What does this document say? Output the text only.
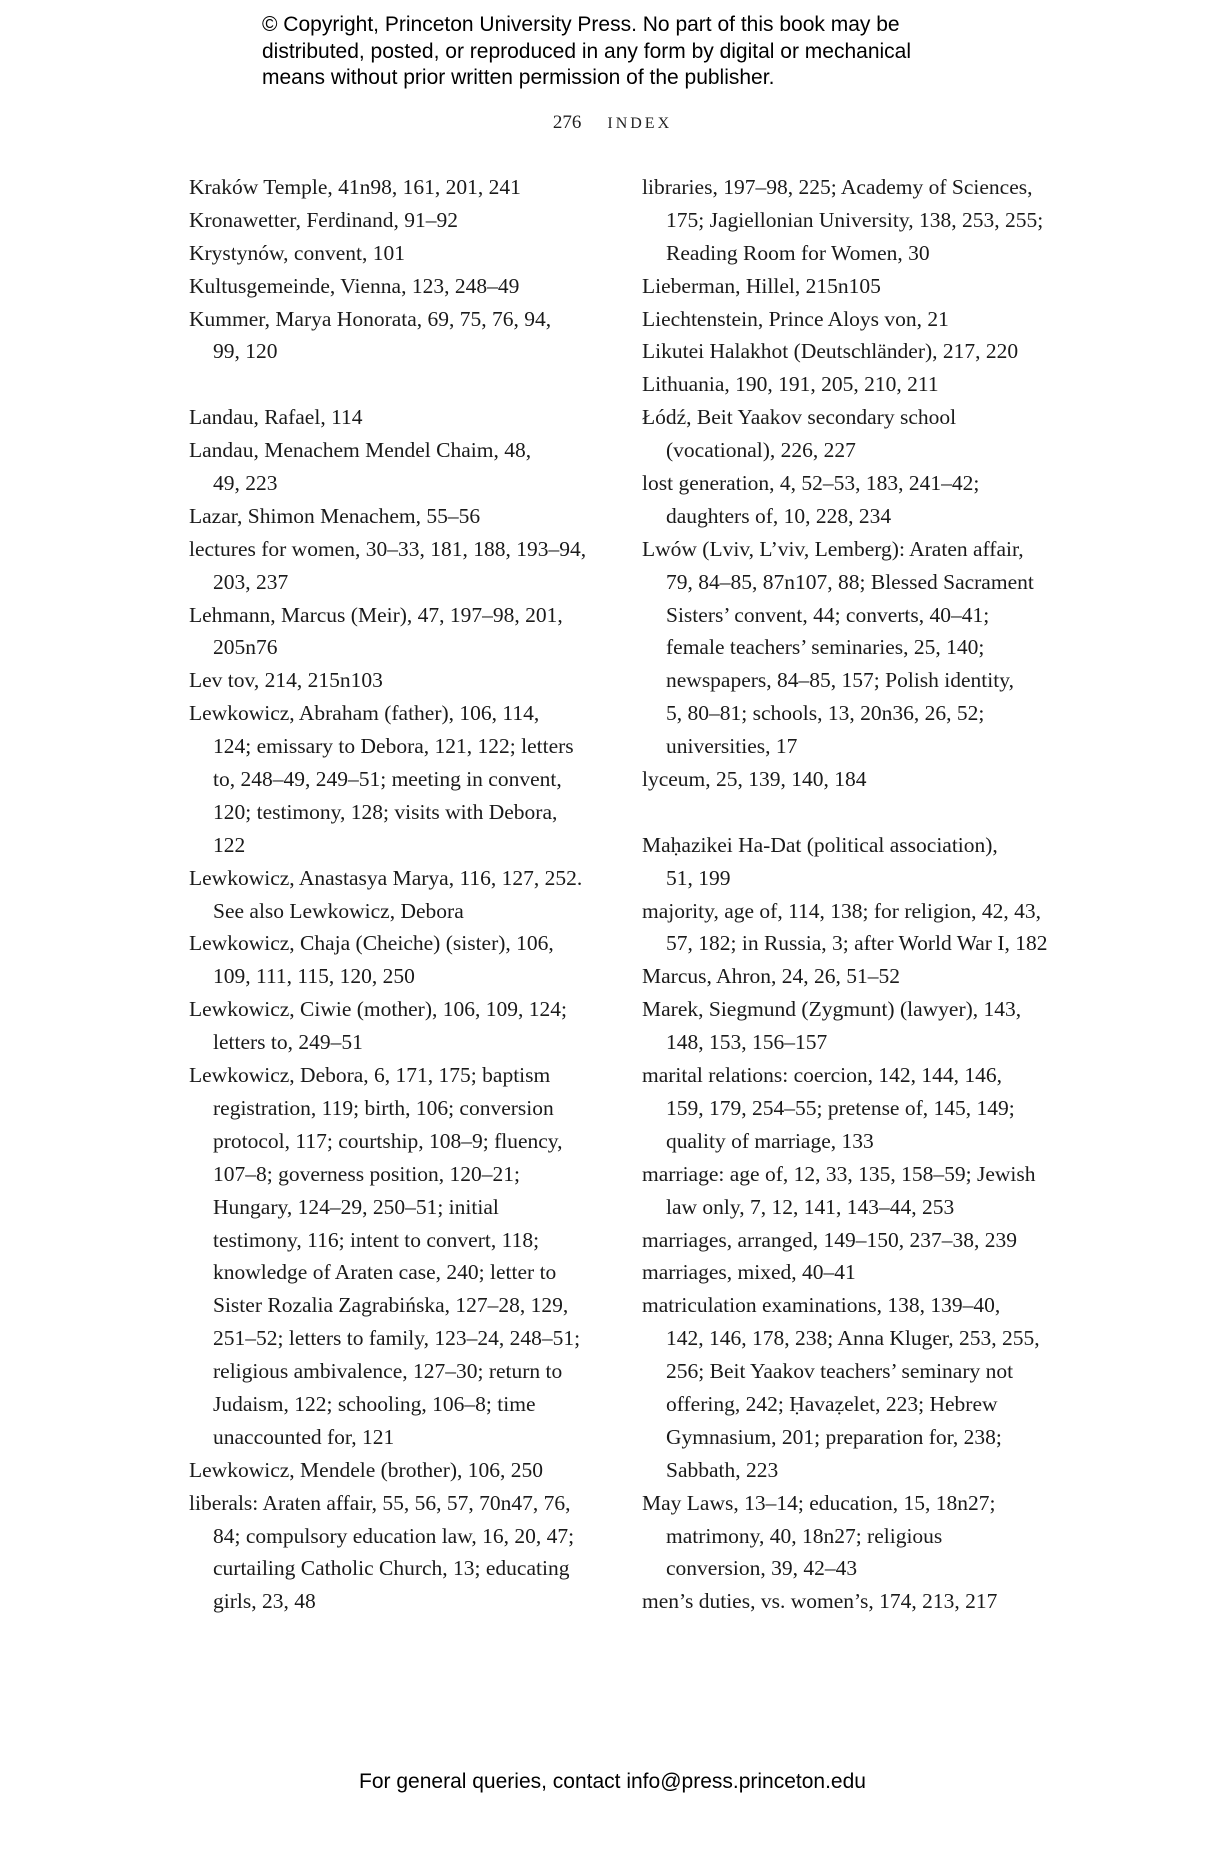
© Copyright, Princeton University Press. No part of this book may be
distributed, posted, or reproduced in any form by digital or mechanical
means without prior written permission of the publisher.
276 INDEX
Kraków Temple, 41n98, 161, 201, 241
Kronawetter, Ferdinand, 91–92
Krystynów, convent, 101
Kultusgemeinde, Vienna, 123, 248–49
Kummer, Marya Honorata, 69, 75, 76, 94,
99, 120
Landau, Rafael, 114
Landau, Menachem Mendel Chaim, 48,
49, 223
Lazar, Shimon Menachem, 55–56
lectures for women, 30–33, 181, 188, 193–94,
203, 237
Lehmann, Marcus (Meir), 47, 197–98, 201,
205n76
Lev tov, 214, 215n103
Lewkowicz, Abraham (father), 106, 114,
124; emissary to Debora, 121, 122; letters
to, 248–49, 249–51; meeting in convent,
120; testimony, 128; visits with Debora,
122
Lewkowicz, Anastasya Marya, 116, 127, 252.
See also Lewkowicz, Debora
Lewkowicz, Chaja (Cheiche) (sister), 106,
109, 111, 115, 120, 250
Lewkowicz, Ciwie (mother), 106, 109, 124;
letters to, 249–51
Lewkowicz, Debora, 6, 171, 175; baptism
registration, 119; birth, 106; conversion
protocol, 117; courtship, 108–9; fluency,
107–8; governess position, 120–21;
Hungary, 124–29, 250–51; initial
testimony, 116; intent to convert, 118;
knowledge of Araten case, 240; letter to
Sister Rozalia Zagrabińska, 127–28, 129,
251–52; letters to family, 123–24, 248–51;
religious ambivalence, 127–30; return to
Judaism, 122; schooling, 106–8; time
unaccounted for, 121
Lewkowicz, Mendele (brother), 106, 250
liberals: Araten affair, 55, 56, 57, 70n47, 76,
84; compulsory education law, 16, 20, 47;
curtailing Catholic Church, 13; educating
girls, 23, 48
libraries, 197–98, 225; Academy of Sciences,
175; Jagiellonian University, 138, 253, 255;
Reading Room for Women, 30
Lieberman, Hillel, 215n105
Liechtenstein, Prince Aloys von, 21
Likutei Halakhot (Deutschländer), 217, 220
Lithuania, 190, 191, 205, 210, 211
Łódź, Beit Yaakov secondary school
(vocational), 226, 227
lost generation, 4, 52–53, 183, 241–42;
daughters of, 10, 228, 234
Lwów (Lviv, L’viv, Lemberg): Araten affair,
79, 84–85, 87n107, 88; Blessed Sacrament
Sisters’ convent, 44; converts, 40–41;
female teachers’ seminaries, 25, 140;
newspapers, 84–85, 157; Polish identity,
5, 80–81; schools, 13, 20n36, 26, 52;
universities, 17
lyceum, 25, 139, 140, 184
Maḥazikei Ha-Dat (political association),
51, 199
majority, age of, 114, 138; for religion, 42, 43,
57, 182; in Russia, 3; after World War I, 182
Marcus, Ahron, 24, 26, 51–52
Marek, Siegmund (Zygmunt) (lawyer), 143,
148, 153, 156–157
marital relations: coercion, 142, 144, 146,
159, 179, 254–55; pretense of, 145, 149;
quality of marriage, 133
marriage: age of, 12, 33, 135, 158–59; Jewish
law only, 7, 12, 141, 143–44, 253
marriages, arranged, 149–150, 237–38, 239
marriages, mixed, 40–41
matriculation examinations, 138, 139–40,
142, 146, 178, 238; Anna Kluger, 253, 255,
256; Beit Yaakov teachers’ seminary not
offering, 242; Ḥavaẓelet, 223; Hebrew
Gymnasium, 201; preparation for, 238;
Sabbath, 223
May Laws, 13–14; education, 15, 18n27;
matrimony, 40, 18n27; religious
conversion, 39, 42–43
men’s duties, vs. women’s, 174, 213, 217
For general queries, contact info@press.princeton.edu
